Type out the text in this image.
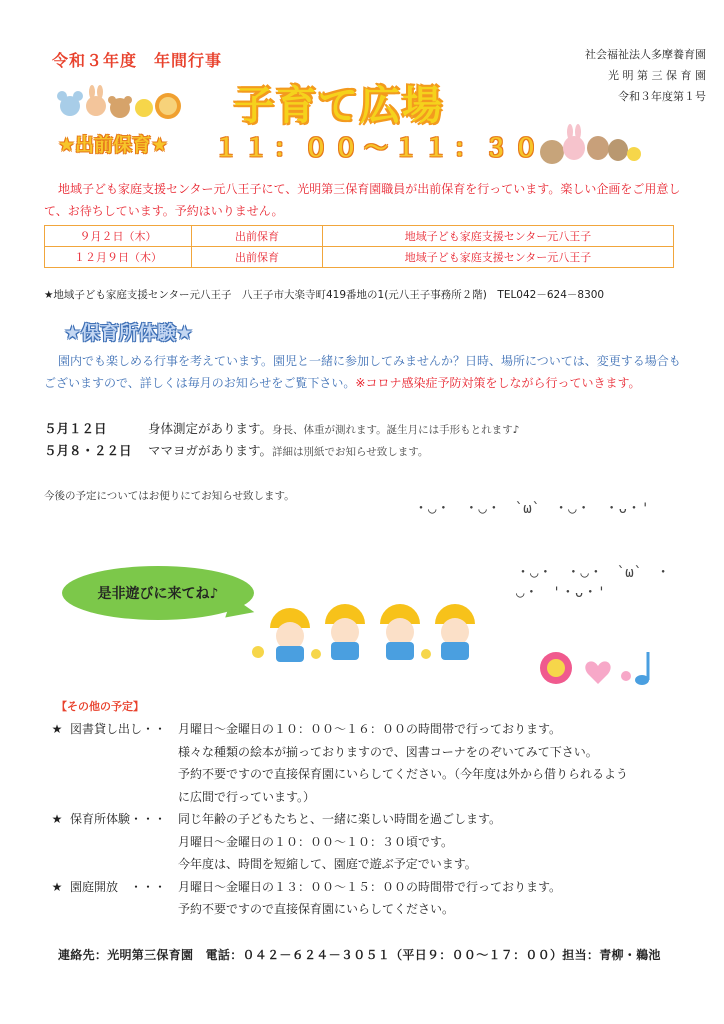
令和３年度　年間行事	社会福祉法人多摩養育園
光 明 第 三 保 育 園
令和３年度第１号
子育て広場
★出前保育★ １１：００～１１：３０
地域子ども家庭支援センター元八王子にて、光明第三保育園職員が出前保育を行っています。楽しい企画をご用意して、お待ちしています。予約はいりません。
９月２日（木）	出前保育	地域子ども家庭支援センター元八王子
１２月９日（木）	出前保育	地域子ども家庭支援センター元八王子
★地域子ども家庭支援センター元八王子　八王子市大楽寺町419番地の1(元八王子事務所２階)　TEL042－624－8300
★保育所体験★
園内でも楽しめる行事を考えています。園児と一緒に参加してみませんか？日時、場所については、変更する場合もございますので、詳しくは毎月のお知らせをご覧下さい。※コロナ感染症予防対策をしながら行っていきます。
５月１２日	身体測定があります。身長、体重が測れます。誕生月には手形もとれます♪
５月８・２２日 ママヨガがあります。詳細は別紙でお知らせ致します。
今後の予定についてはお便りにてお知らせ致します。
・◡・　・◡・　`ω`　・◡・　・ᴗ・'
・◡・　・◡・　`ω`　・◡・　'・ᴗ・'
是非遊びに来てね♪
【その他の予定】
★ 図書貸し出し・・ 月曜日～金曜日の１０：００～１６：００の時間帯で行っております。
様々な種類の絵本が揃っておりますので、図書コーナをのぞいてみて下さい。
予約不要ですので直接保育園にいらしてください。（今年度は外から借りられるよう
に広間で行っています。）
★ 保育所体験・・・ 同じ年齢の子どもたちと、一緒に楽しい時間を過ごします。
月曜日～金曜日の１０：００～１０：３０頃です。
今年度は、時間を短縮して、園庭で遊ぶ予定でいます。
★ 園庭開放　・・・ 月曜日～金曜日の１３：００～１５：００の時間帯で行っております。
予約不要ですので直接保育園にいらしてください。
連絡先：光明第三保育園　電話：０４２－６２４－３０５１（平日９：００～１７：００）担当：青柳・鵜池
